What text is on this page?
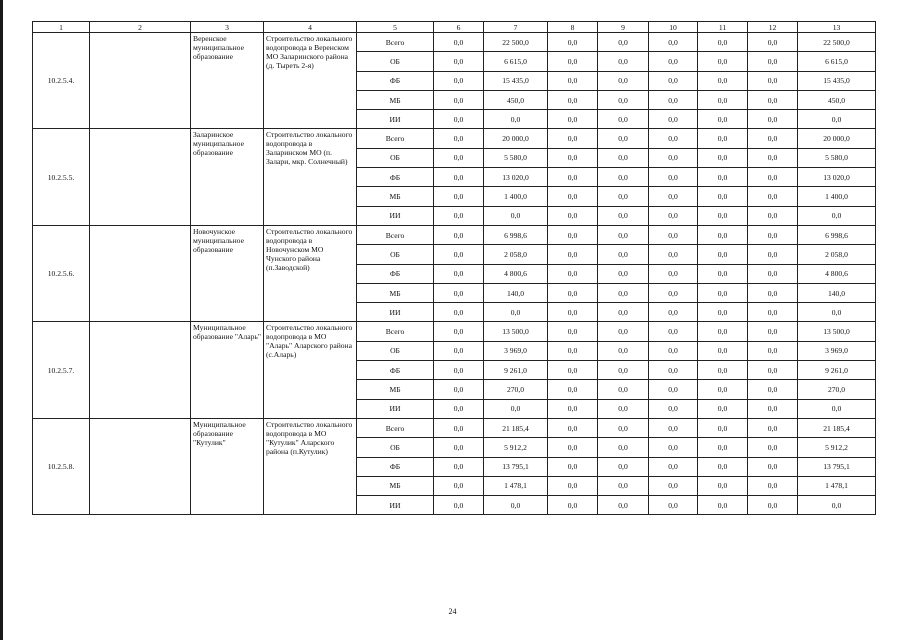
1	2	3	4	5	6	7	8	9	10	11	12	13
10.2.5.4.		Веренское муниципальное образование	Строительство локального водопровода в Веренском МО Заларинского района (д. Тыреть 2-я)	Всего	0,0	22 500,0	0,0	0,0	0,0	0,0	0,0	22 500,0
				ОБ	0,0	6 615,0	0,0	0,0	0,0	0,0	0,0	6 615,0
				ФБ	0,0	15 435,0	0,0	0,0	0,0	0,0	0,0	15 435,0
				МБ	0,0	450,0	0,0	0,0	0,0	0,0	0,0	450,0
				ИИ	0,0	0,0	0,0	0,0	0,0	0,0	0,0	0,0
10.2.5.5.		Заларинское муниципальное образование	Строительство локального водопровода в Заларинском МО (п. Залари, мкр. Солнечный)	Всего	0,0	20 000,0	0,0	0,0	0,0	0,0	0,0	20 000,0
				ОБ	0,0	5 580,0	0,0	0,0	0,0	0,0	0,0	5 580,0
				ФБ	0,0	13 020,0	0,0	0,0	0,0	0,0	0,0	13 020,0
				МБ	0,0	1 400,0	0,0	0,0	0,0	0,0	0,0	1 400,0
				ИИ	0,0	0,0	0,0	0,0	0,0	0,0	0,0	0,0
10.2.5.6.		Новочунское муниципальное образование	Строительство локального водопровода в Новочунском МО Чунского района (п.Заводской)	Всего	0,0	6 998,6	0,0	0,0	0,0	0,0	0,0	6 998,6
				ОБ	0,0	2 058,0	0,0	0,0	0,0	0,0	0,0	2 058,0
				ФБ	0,0	4 800,6	0,0	0,0	0,0	0,0	0,0	4 800,6
				МБ	0,0	140,0	0,0	0,0	0,0	0,0	0,0	140,0
				ИИ	0,0	0,0	0,0	0,0	0,0	0,0	0,0	0,0
10.2.5.7.		Муниципальное образование "Аларь"	Строительство локального водопровода в МО "Аларь" Аларского района (с.Аларь)	Всего	0,0	13 500,0	0,0	0,0	0,0	0,0	0,0	13 500,0
				ОБ	0,0	3 969,0	0,0	0,0	0,0	0,0	0,0	3 969,0
				ФБ	0,0	9 261,0	0,0	0,0	0,0	0,0	0,0	9 261,0
				МБ	0,0	270,0	0,0	0,0	0,0	0,0	0,0	270,0
				ИИ	0,0	0,0	0,0	0,0	0,0	0,0	0,0	0,0
10.2.5.8.		Муниципальное образование "Кутулик"	Строительство локального водопровода в МО "Кутулик" Аларского района (п.Кутулик)	Всего	0,0	21 185,4	0,0	0,0	0,0	0,0	0,0	21 185,4
				ОБ	0,0	5 912,2	0,0	0,0	0,0	0,0	0,0	5 912,2
				ФБ	0,0	13 795,1	0,0	0,0	0,0	0,0	0,0	13 795,1
				МБ	0,0	1 478,1	0,0	0,0	0,0	0,0	0,0	1 478,1
				ИИ	0,0	0,0	0,0	0,0	0,0	0,0	0,0	0,0
24
